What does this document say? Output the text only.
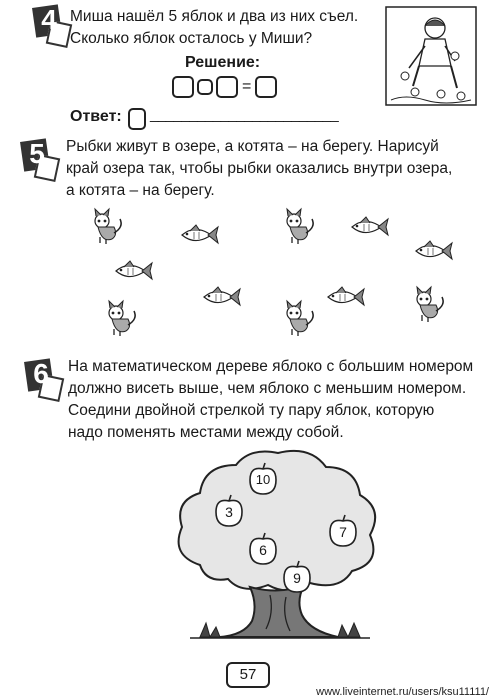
4 Миша нашёл 5 яблок и два из них съел.
Сколько яблок осталось у Миши?
Решение:
=
Ответ: ________________________
5	Рыбки живут в озере, а котята – на берегу. Нарисуй
край озера так, чтобы рыбки оказались внутри озера,
а котята – на берегу.
6	На математическом дереве яблоко с большим номером
должно висеть выше, чем яблоко с меньшим номером.
Соедини двойной стрелкой ту пару яблок, которую
надо поменять местами между собой.
10
3
7
6
9
57
www.liveinternet.ru/users/ksu11111/
